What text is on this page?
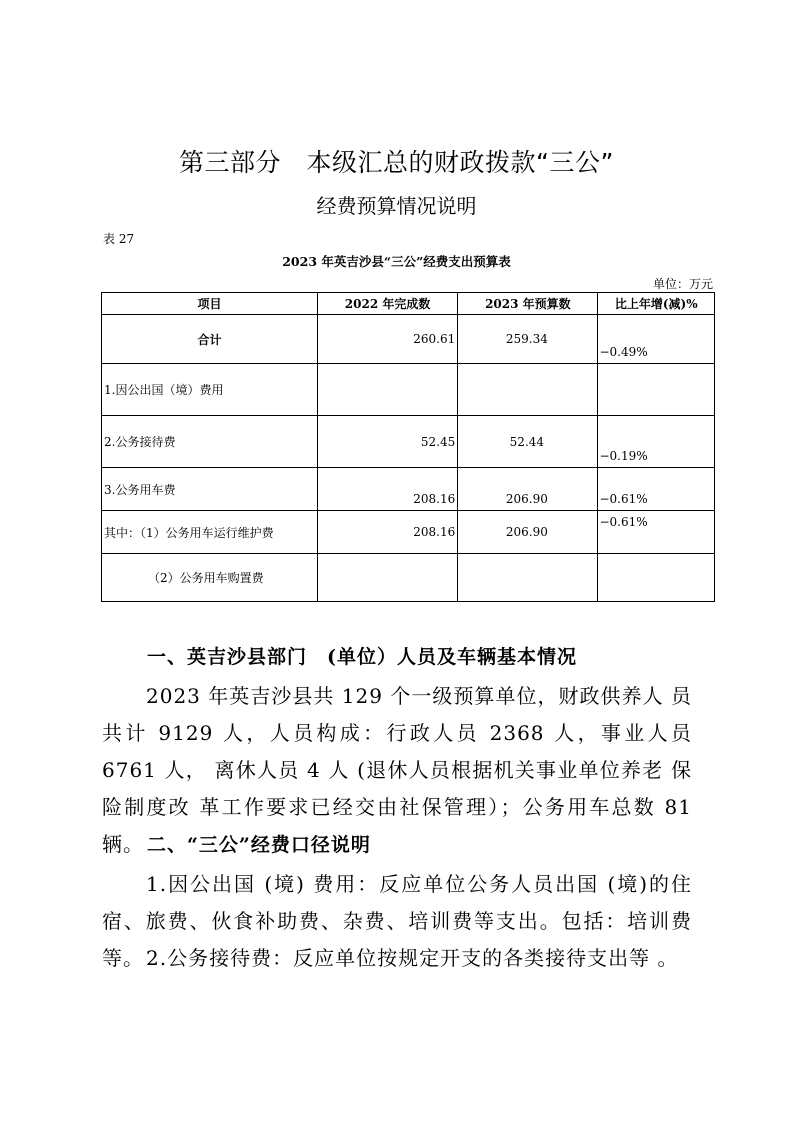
第三部分　本级汇总的财政拨款“三公”
经费预算情况说明
表 27
2023 年英吉沙县“三公”经费支出预算表
单位：万元
项目	2022 年完成数	2023 年预算数	比上年增(减)%
合计	260.61	259.34	−0.49%
1.因公出国（境）费用			
2.公务接待费	52.45	52.44	−0.19%
3.公务用车费	208.16	206.90	−0.61%
其中：（1）公务用车运行维护费	208.16	206.90	−0.61%
（2）公务用车购置费			
一、英吉沙县部门　(单位）人员及车辆基本情况
2023 年英吉沙县共 129 个一级预算单位，财政供养人 员 共计 9129 人，人员构成：行政人员 2368 人，事业人员 6761 人， 离休人员 4 人 (退休人员根据机关事业单位养老 保险制度改 革工作要求已经交由社保管理）；公务用车总数 81 辆。 二、“三公”经费口径说明
1.因公出国 (境) 费用：反应单位公务人员出国 (境)的住宿、旅费、伙食补助费、杂费、培训费等支出。包括：培训费等。 2.公务接待费：反应单位按规定开支的各类接待支出等 。
